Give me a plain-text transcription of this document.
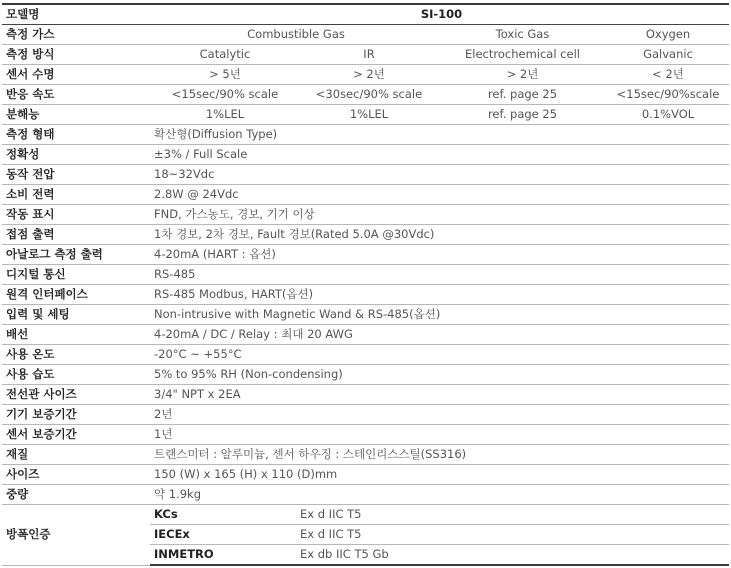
모델명	SI-100			
측정 가스	Combustible Gas		Toxic Gas	Oxygen
측정 방식	Catalytic	IR	Electrochemical cell	Galvanic
센서 수명	> 5년	> 2년	> 2년	< 2년
반응 속도	<15sec/90% scale	<30sec/90% scale	ref. page 25	<15sec/90%scale
분해능	1%LEL	1%LEL	ref. page 25	0.1%VOL
측정 형태	확산형(Diffusion Type)			
정확성	±3% / Full Scale			
동작 전압	18~32Vdc			
소비 전력	2.8W @ 24Vdc			
작동 표시	FND, 가스농도, 경보, 기기 이상			
접점 출력	1차 경보, 2차 경보, Fault 경보(Rated 5.0A @30Vdc)			
아날로그 측정 출력	4-20mA (HART : 옵션)			
디지털 통신	RS-485			
원격 인터페이스	RS-485 Modbus, HART(옵션)			
입력 및 세팅	Non-intrusive with Magnetic Wand & RS-485(옵션)			
배선	4-20mA / DC / Relay : 최대 20 AWG			
사용 온도	-20°C ~ +55°C			
사용 습도	5% to 95% RH (Non-condensing)			
전선관 사이즈	3/4" NPT x 2EA			
기기 보증기간	2년			
센서 보증기간	1년			
재질	트랜스미터 : 알루미늄, 센서 하우징 : 스테인리스스틸(SS316)			
사이즈	150 (W) x 165 (H) x 110 (D)mm			
중량	약 1.9kg			
방폭인증	KCs	Ex d IIC T5		
	IECEx	Ex d IIC T5		
	INMETRO	Ex db IIC T5 Gb		
